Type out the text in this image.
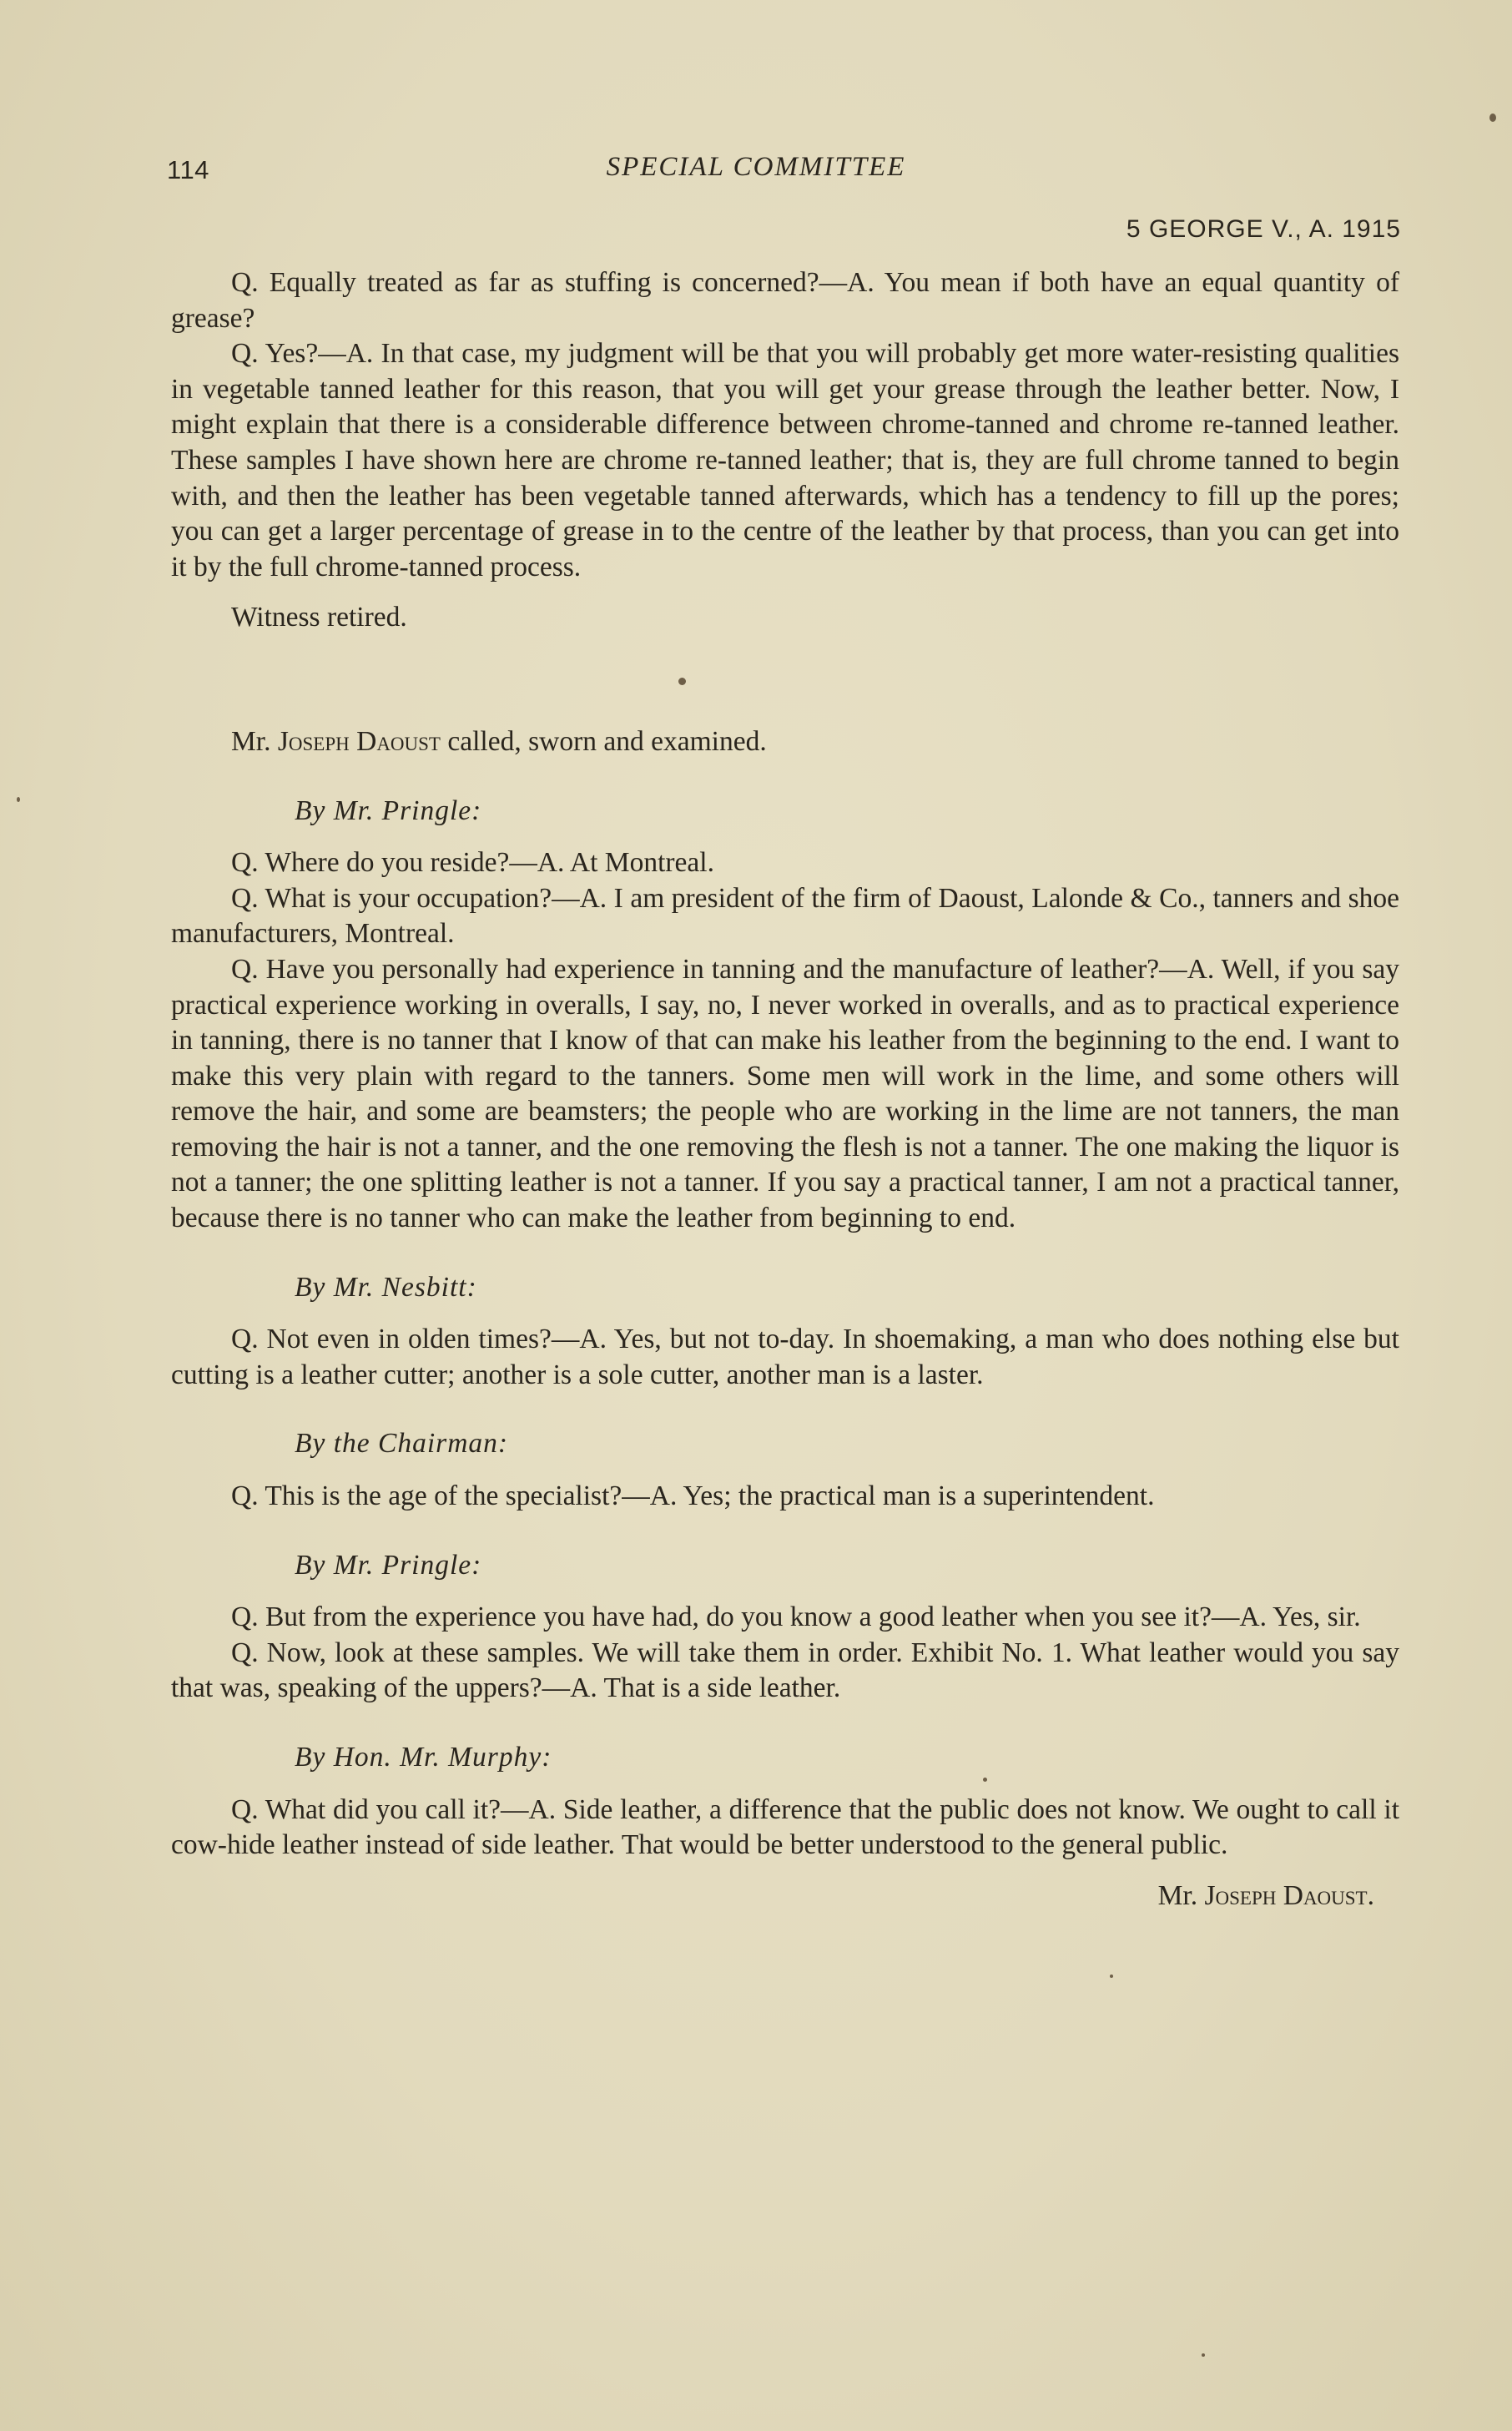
114	SPECIAL COMMITTEE
5 GEORGE V., A. 1915

Q. Equally treated as far as stuffing is concerned?—A. You mean if both have an equal quantity of grease?

Q. Yes?—A. In that case, my judgment will be that you will probably get more water-resisting qualities in vegetable tanned leather for this reason, that you will get your grease through the leather better. Now, I might explain that there is a considerable difference between chrome-tanned and chrome re-tanned leather. These samples I have shown here are chrome re-tanned leather; that is, they are full chrome tanned to begin with, and then the leather has been vegetable tanned afterwards, which has a tendency to fill up the pores; you can get a larger percentage of grease in to the centre of the leather by that process, than you can get into it by the full chrome-tanned process.

Witness retired.

Mr. Joseph Daoust called, sworn and examined.

By Mr. Pringle:

Q. Where do you reside?—A. At Montreal.

Q. What is your occupation?—A. I am president of the firm of Daoust, Lalonde & Co., tanners and shoe manufacturers, Montreal.

Q. Have you personally had experience in tanning and the manufacture of leather?—A. Well, if you say practical experience working in overalls, I say, no, I never worked in overalls, and as to practical experience in tanning, there is no tanner that I know of that can make his leather from the beginning to the end. I want to make this very plain with regard to the tanners. Some men will work in the lime, and some others will remove the hair, and some are beamsters; the people who are working in the lime are not tanners, the man removing the hair is not a tanner, and the one removing the flesh is not a tanner. The one making the liquor is not a tanner; the one splitting leather is not a tanner. If you say a practical tanner, I am not a practical tanner, because there is no tanner who can make the leather from beginning to end.

By Mr. Nesbitt:

Q. Not even in olden times?—A. Yes, but not to-day. In shoemaking, a man who does nothing else but cutting is a leather cutter; another is a sole cutter, another man is a laster.

By the Chairman:

Q. This is the age of the specialist?—A. Yes; the practical man is a superintendent.

By Mr. Pringle:

Q. But from the experience you have had, do you know a good leather when you see it?—A. Yes, sir.

Q. Now, look at these samples. We will take them in order. Exhibit No. 1. What leather would you say that was, speaking of the uppers?—A. That is a side leather.

By Hon. Mr. Murphy:

Q. What did you call it?—A. Side leather, a difference that the public does not know. We ought to call it cow-hide leather instead of side leather. That would be better understood to the general public.

Mr. Joseph Daoust.
